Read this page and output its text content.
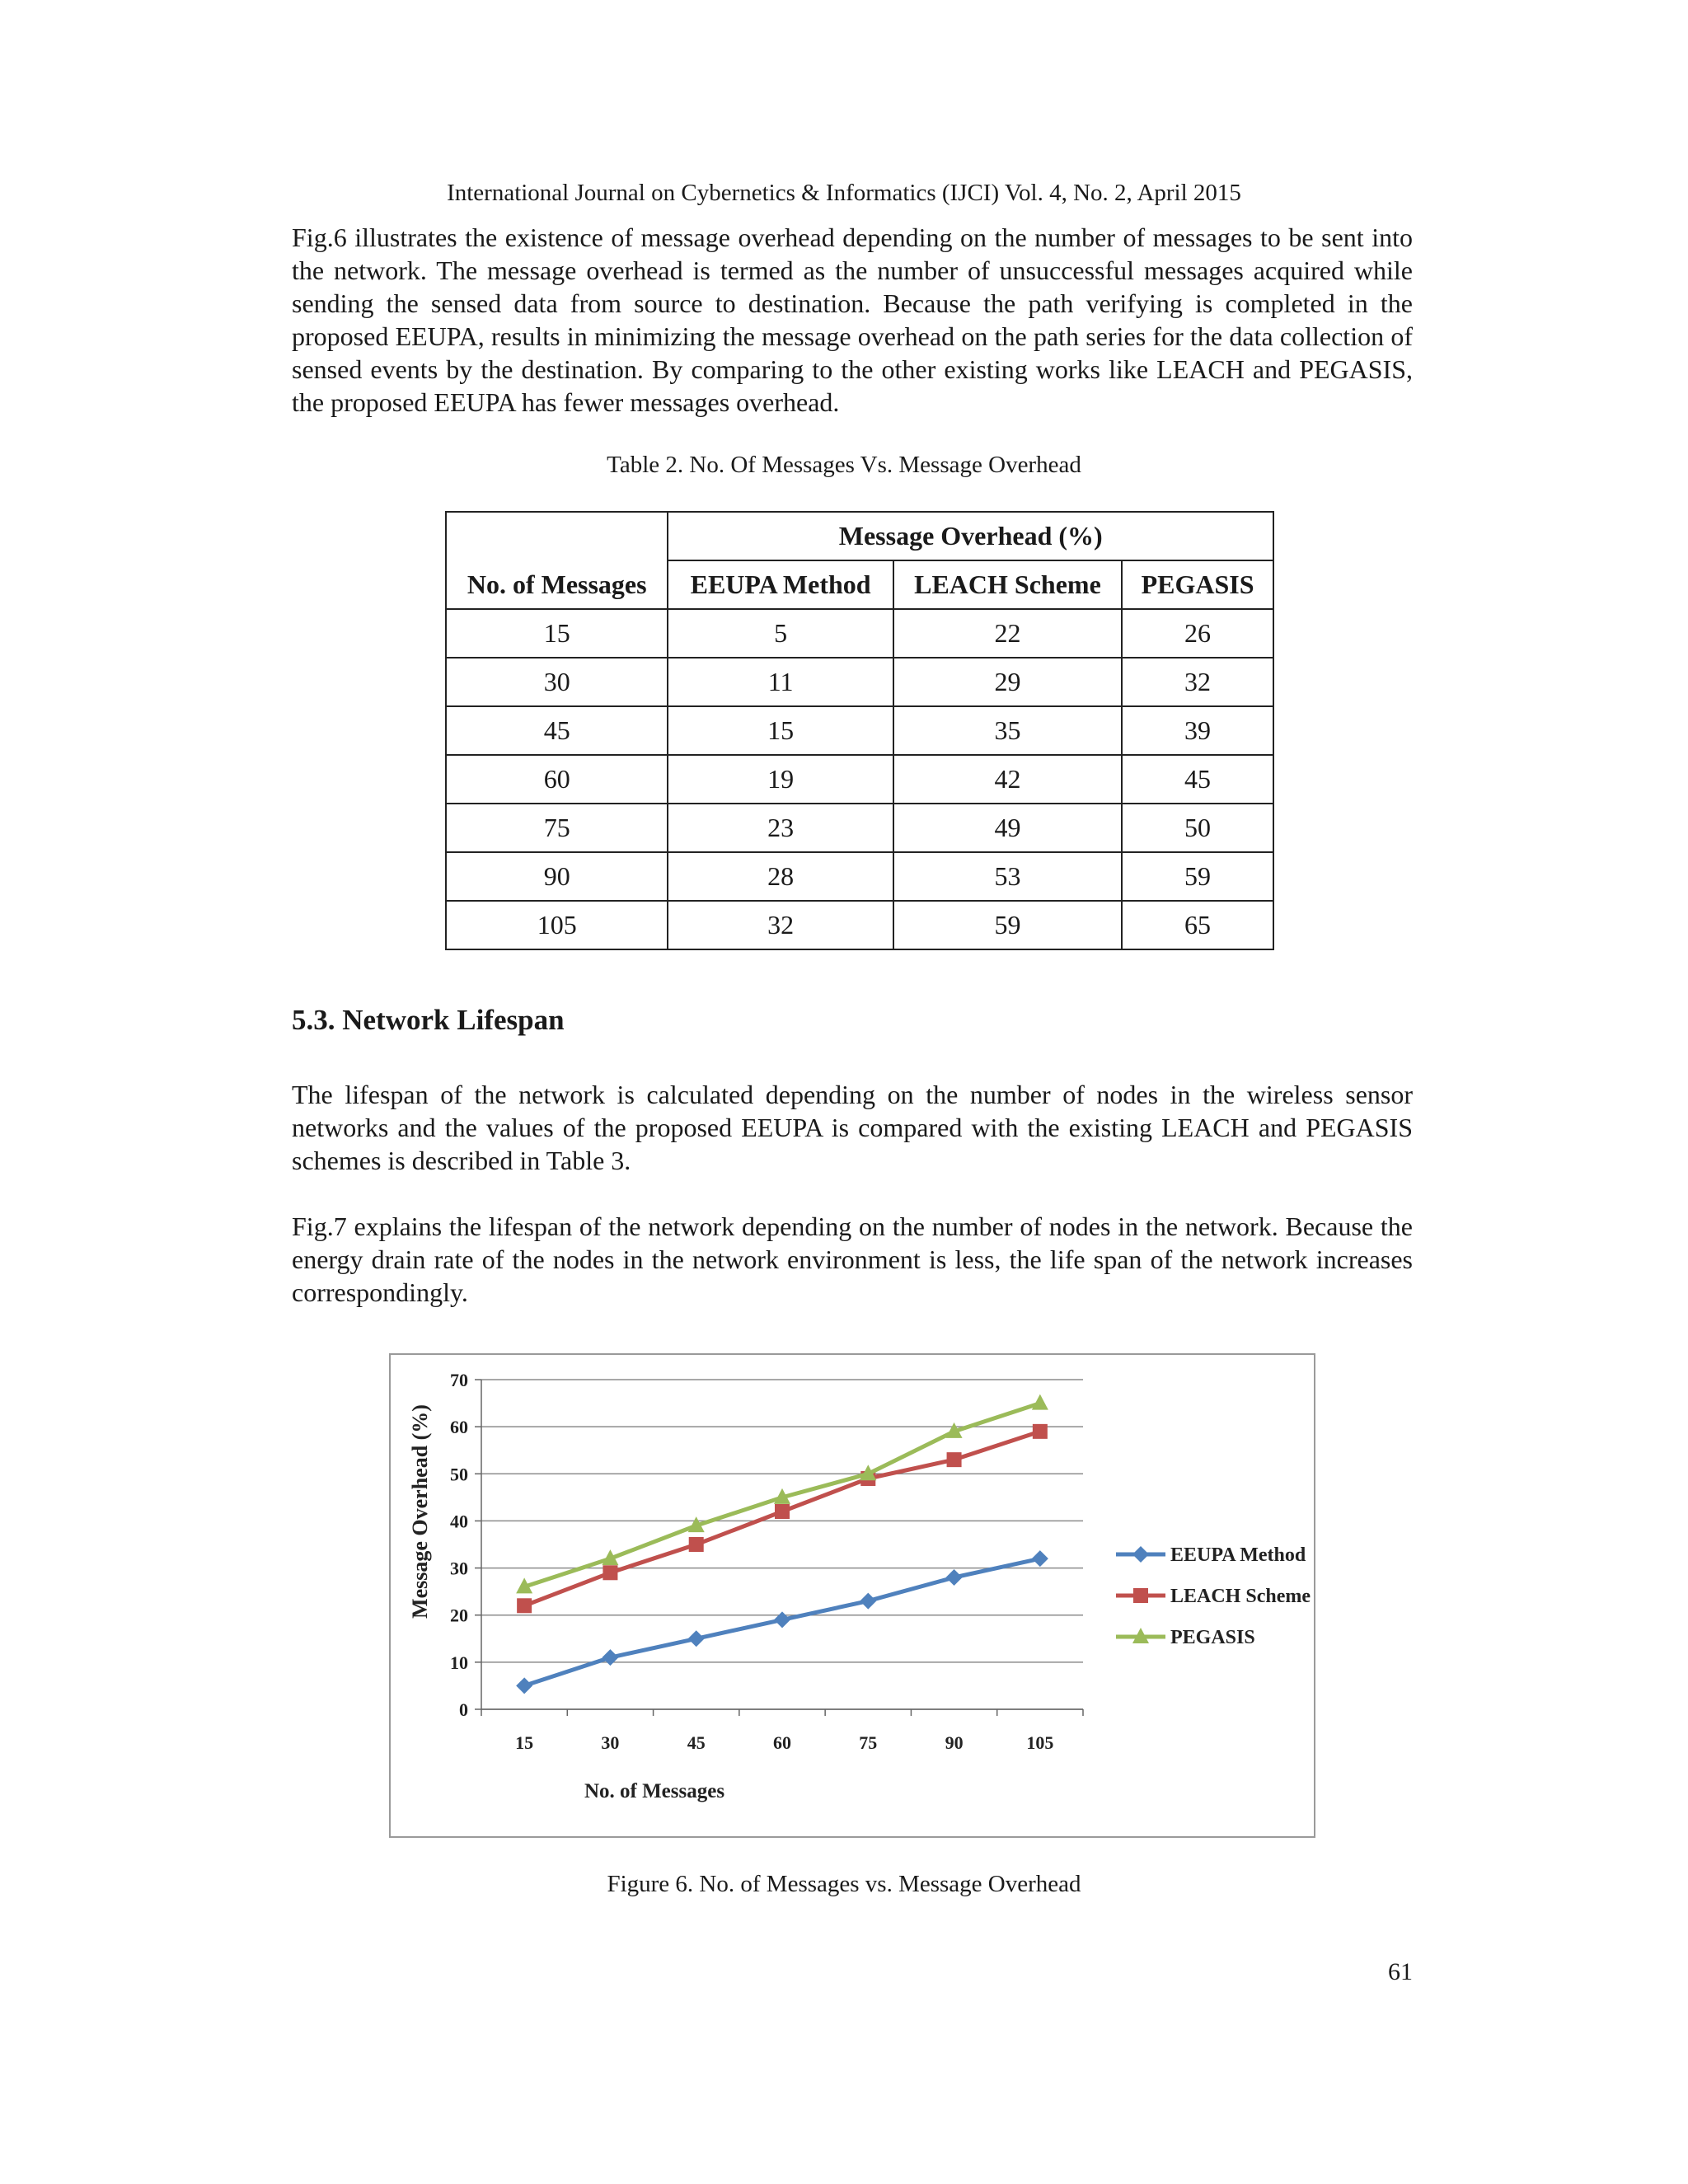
International Journal on Cybernetics & Informatics (IJCI) Vol. 4, No. 2, April 2015

Fig.6 illustrates the existence of message overhead depending on the number of messages to be sent into the network. The message overhead is termed as the number of unsuccessful messages acquired while sending the sensed data from source to destination. Because the path verifying is completed in the proposed EEUPA, results in minimizing the message overhead on the path series for the data collection of sensed events by the destination. By comparing to the other existing works like LEACH and PEGASIS, the proposed EEUPA has fewer messages overhead.

Table 2. No. Of Messages Vs. Message Overhead
No. of Messages	Message Overhead (%)		
	EEUPA Method	LEACH Scheme	PEGASIS
15	5	22	26
30	11	29	32
45	15	35	39
60	19	42	45
75	23	49	50
90	28	53	59
105	32	59	65
5.3. Network Lifespan

The lifespan of the network is calculated depending on the number of nodes in the wireless sensor networks and the values of the proposed EEUPA is compared with the existing LEACH and PEGASIS schemes is described in Table 3.

Fig.7 explains the lifespan of the network depending on the number of nodes in the network. Because the energy drain rate of the nodes in the network environment is less, the life span of the network increases correspondingly.

0
10
20
30
40
50
60
70
15	30	45	60	75	90	105
EEUPA Method
LEACH Scheme
PEGASIS
Message Overhead (%)
No. of Messages
Figure 6. No. of Messages vs. Message Overhead
61
